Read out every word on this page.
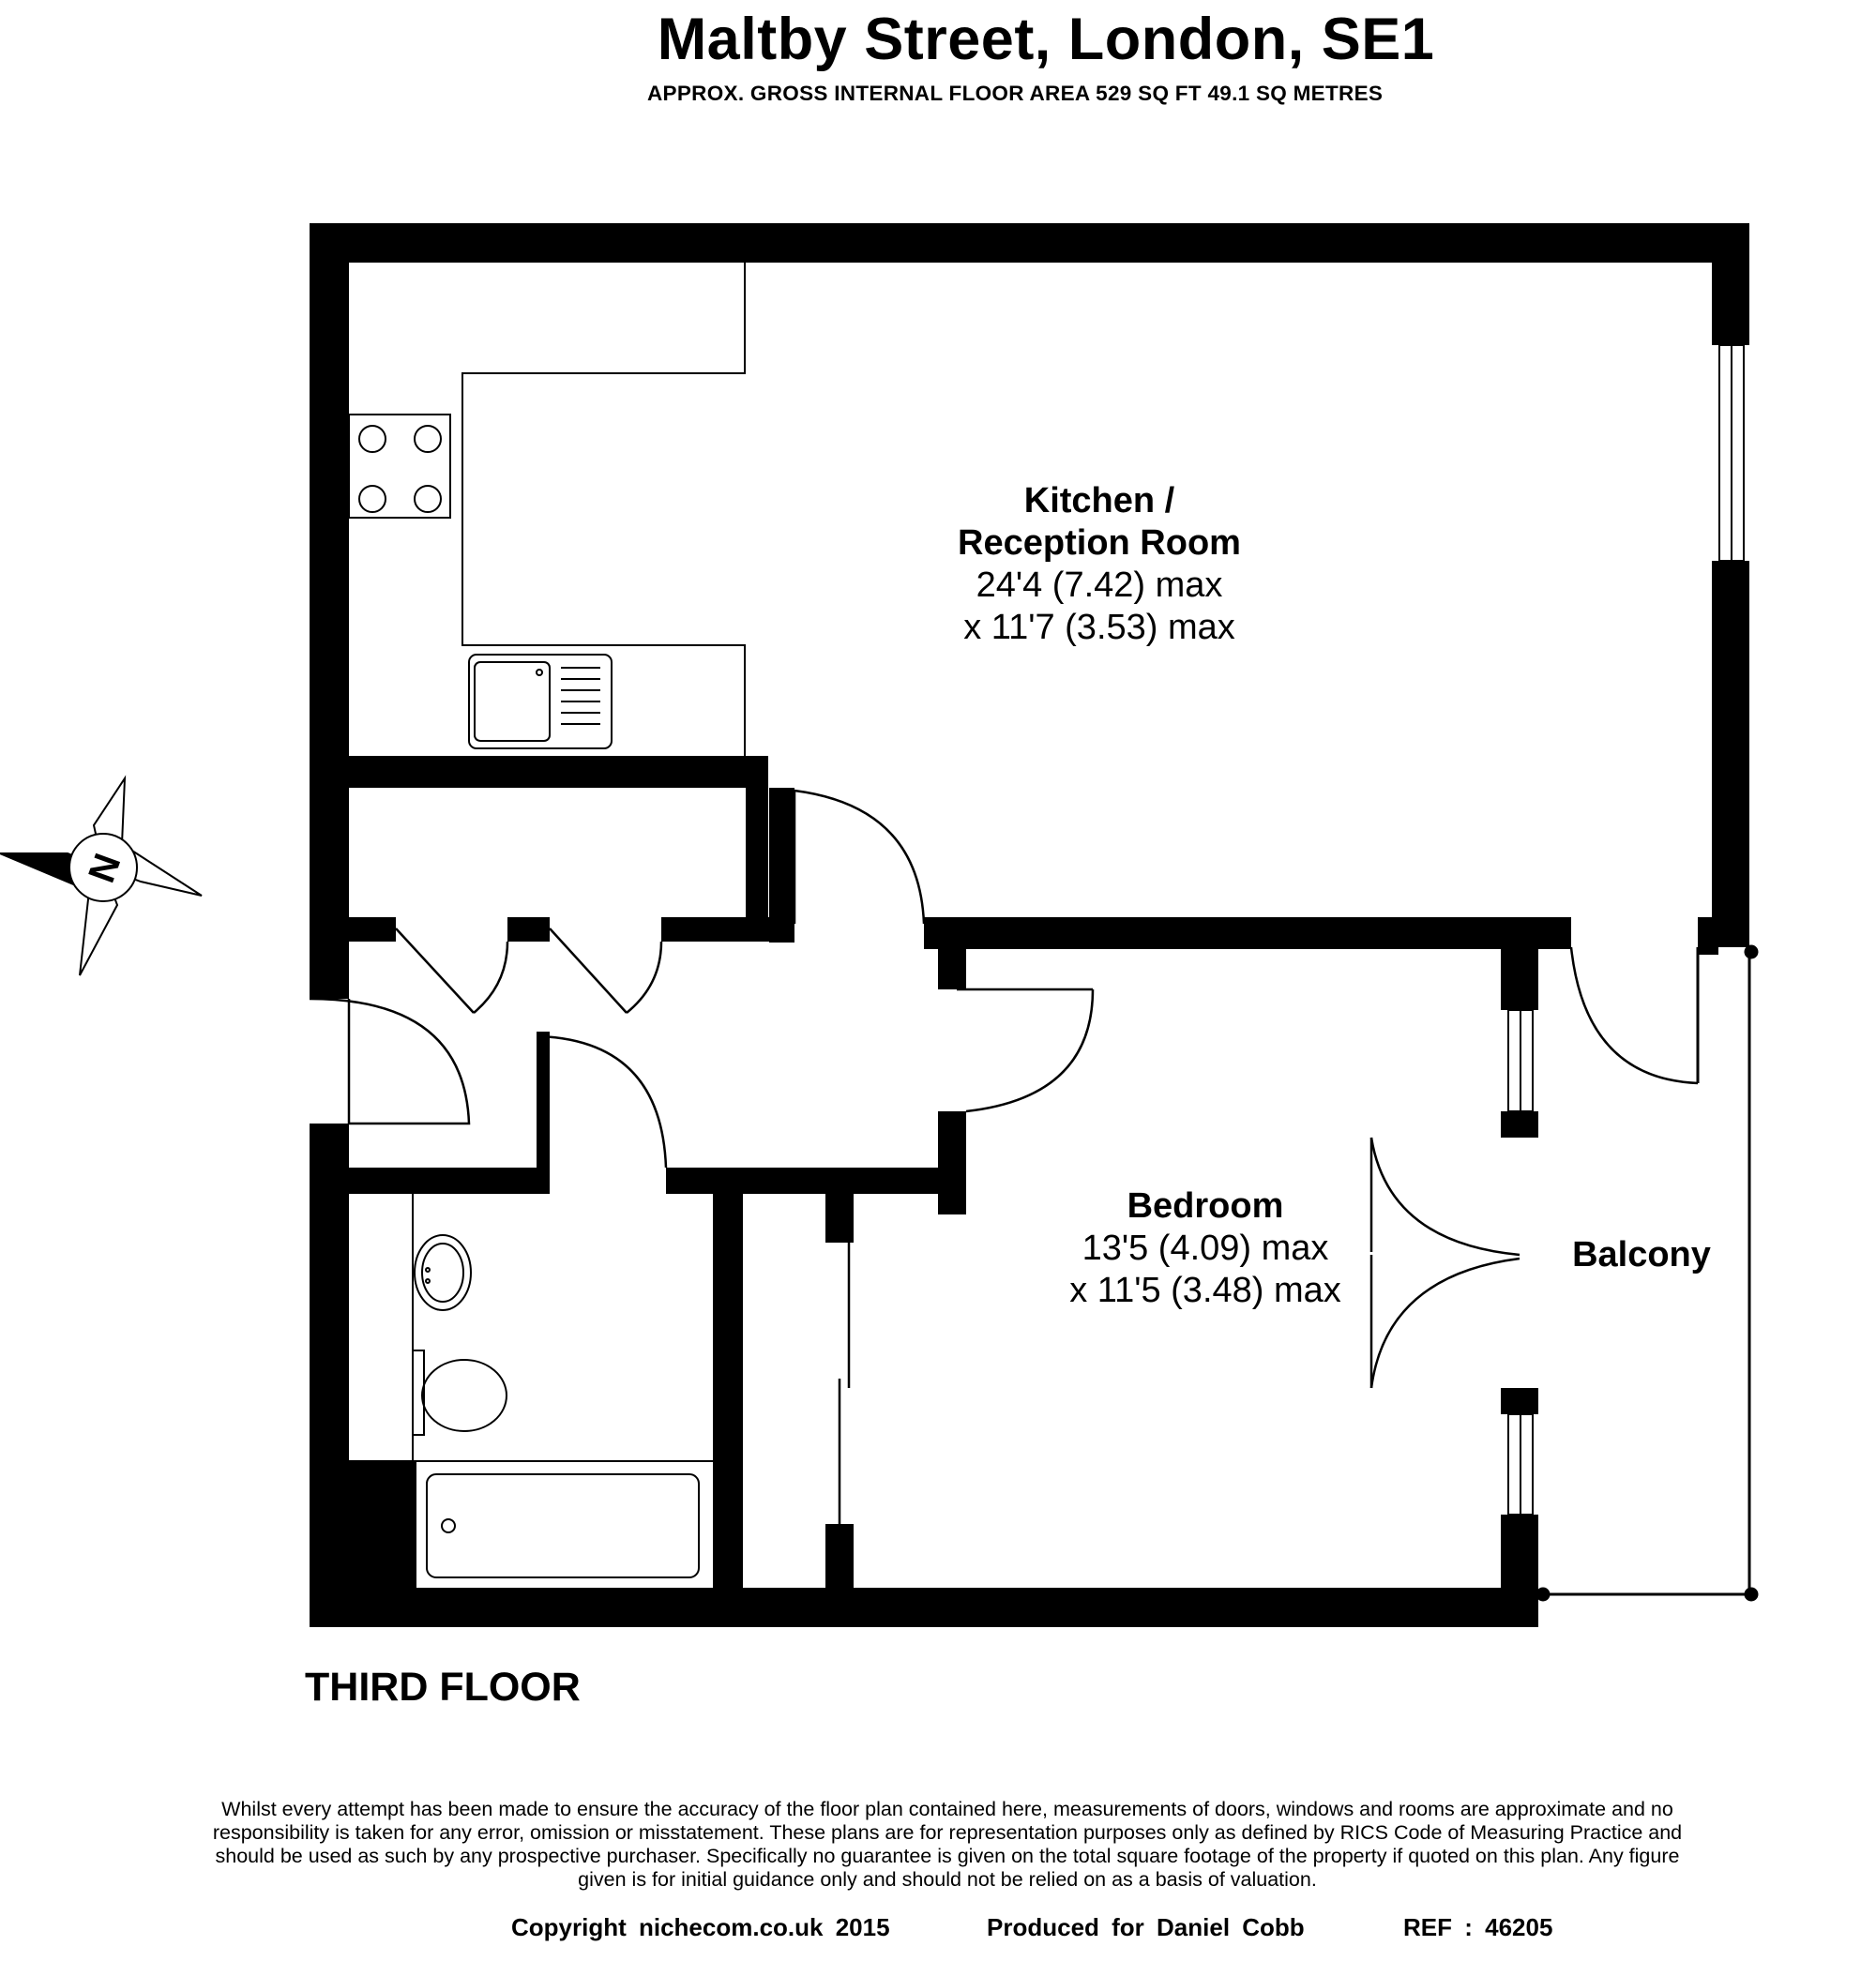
Maltby Street, London, SE1
APPROX. GROSS INTERNAL FLOOR AREA 529 SQ FT 49.1 SQ METRES
N
Kitchen /
Reception Room
24'4 (7.42) max
x 11'7 (3.53) max
Bedroom
13'5 (4.09) max
x 11'5 (3.48) max
Balcony
THIRD FLOOR
Whilst every attempt has been made to ensure the accuracy of the floor plan contained here, measurements of doors, windows and rooms are approximate and no responsibility is taken for any error, omission or misstatement. These plans are for representation purposes only as defined by RICS Code of Measuring Practice and should be used as such by any prospective purchaser. Specifically no guarantee is given on the total square footage of the property if quoted on this plan. Any figure given is for initial guidance only and should not be relied on as a basis of valuation.
Copyright nichecom.co.uk 2015	Produced for Daniel Cobb	REF : 46205
